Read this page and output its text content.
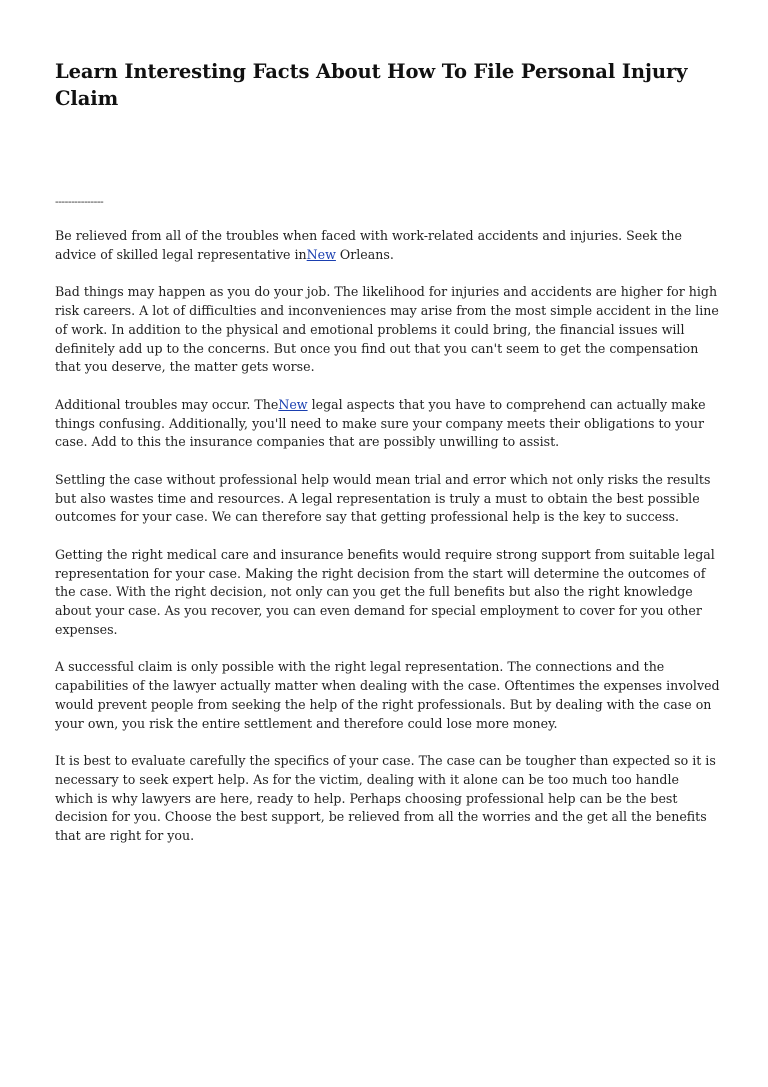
Learn Interesting Facts About How To File Personal Injury Claim
---------------

Be relieved from all of the troubles when faced with work-related accidents and injuries. Seek the advice of skilled legal representative inNew Orleans.

Bad things may happen as you do your job. The likelihood for injuries and accidents are higher for high risk careers. A lot of difficulties and inconveniences may arise from the most simple accident in the line of work. In addition to the physical and emotional problems it could bring, the financial issues will definitely add up to the concerns. But once you find out that you can't seem to get the compensation that you deserve, the matter gets worse.

Additional troubles may occur. TheNew legal aspects that you have to comprehend can actually make things confusing. Additionally, you'll need to make sure your company meets their obligations to your case. Add to this the insurance companies that are possibly unwilling to assist.

Settling the case without professional help would mean trial and error which not only risks the results but also wastes time and resources. A legal representation is truly a must to obtain the best possible outcomes for your case. We can therefore say that getting professional help is the key to success.

Getting the right medical care and insurance benefits would require strong support from suitable legal representation for your case. Making the right decision from the start will determine the outcomes of the case. With the right decision, not only can you get the full benefits but also the right knowledge about your case. As you recover, you can even demand for special employment to cover for you other expenses.

A successful claim is only possible with the right legal representation. The connections and the capabilities of the lawyer actually matter when dealing with the case. Oftentimes the expenses involved would prevent people from seeking the help of the right professionals. But by dealing with the case on your own, you risk the entire settlement and therefore could lose more money.

It is best to evaluate carefully the specifics of your case. The case can be tougher than expected so it is necessary to seek expert help. As for the victim, dealing with it alone can be too much too handle which is why lawyers are here, ready to help. Perhaps choosing professional help can be the best decision for you. Choose the best support, be relieved from all the worries and the get all the benefits that are right for you.
